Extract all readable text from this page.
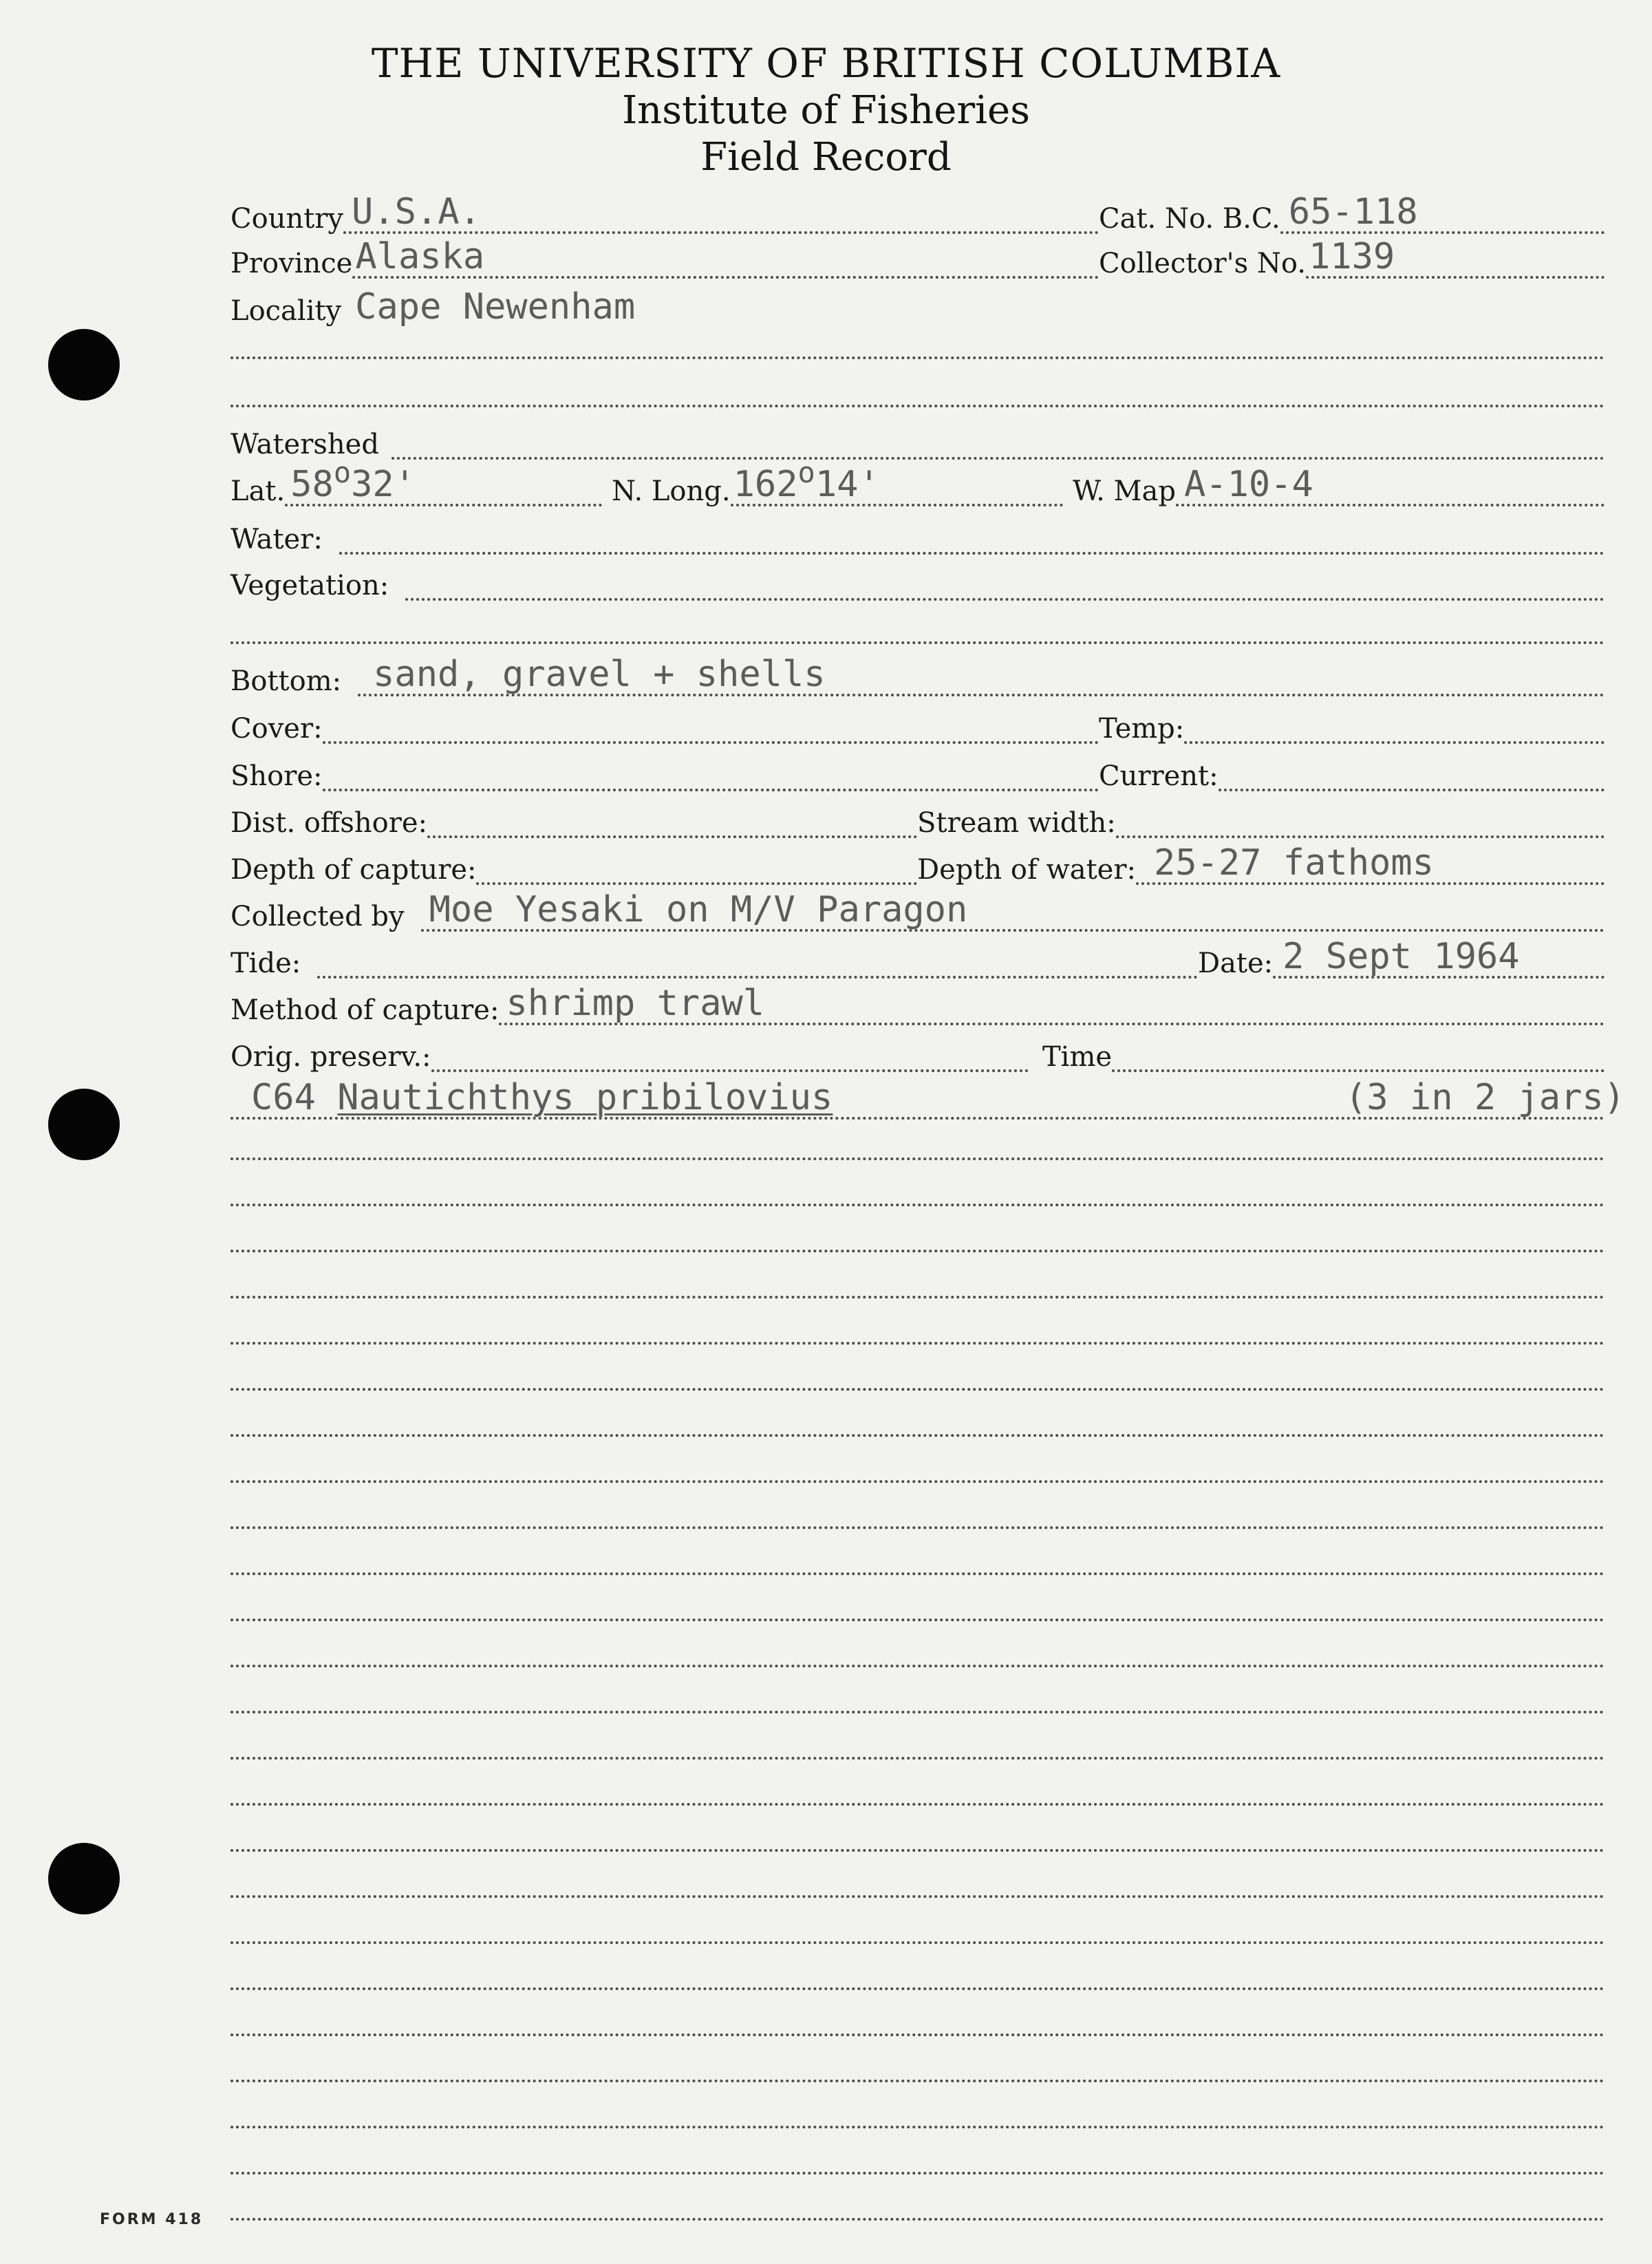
THE UNIVERSITY OF BRITISH COLUMBIA
Institute of Fisheries
Field Record
Country U.S.A.	Cat. No. B.C. 65-118
Province Alaska	Collector's No. 1139
Locality Cape Newenham
Watershed
Lat. 58$^o$32'	N. Long. 162$^o$14'	W. Map A-10-4
Water:
Vegetation:
Bottom: sand, gravel + shells
Cover:	Temp:
Shore:	Current:
Dist. offshore:	Stream width:
Depth of capture:	Depth of water: 25-27 fathoms
Collected by Moe Yesaki on M/V Paragon
Tide:	Date: 2 Sept 1964
Method of capture: shrimp trawl
Orig. preserv.:	Time
C64 Nautichthys pribilovius	(3 in 2 jars)
FORM 418
